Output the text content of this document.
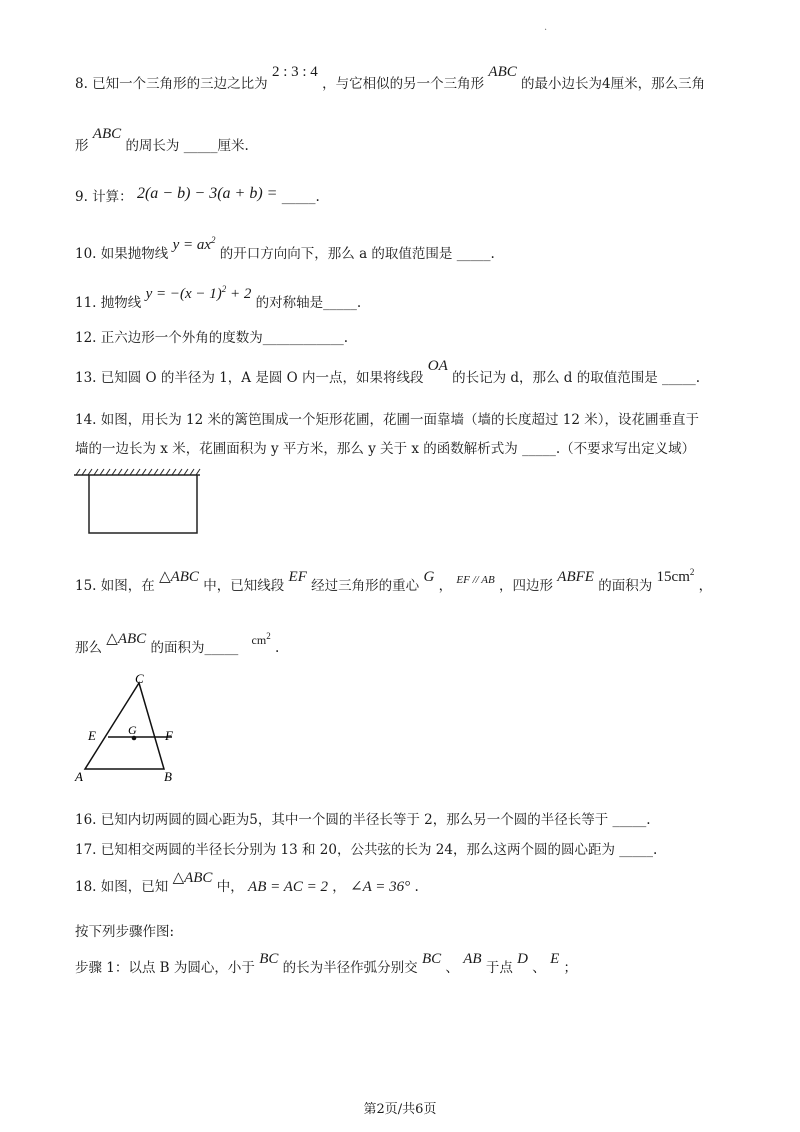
.
8. 已知一个三角形的三边之比为 2 : 3 : 4 ，与它相似的另一个三角形 ABC 的最小边长为4厘米，那么三角
形 ABC 的周长为 _____厘米.
9. 计算： 2(a − b) − 3(a + b) = _____.
10. 如果抛物线 $y = ax^2$ 的开口方向向下，那么 a 的取值范围是 _____.
11. 抛物线 $y = -(x - 1)^2 + 2$ 的对称轴是_____.
12. 正六边形一个外角的度数为____________.
13. 已知圆 O 的半径为 1，A 是圆 O 内一点，如果将线段 OA 的长记为 d，那么 d 的取值范围是 _____.
14. 如图，用长为 12 米的篱笆围成一个矩形花圃，花圃一面靠墙（墙的长度超过 12 米），设花圃垂直于
墙的一边长为 x 米，花圃面积为 y 平方米，那么 y 关于 x 的函数解析式为 _____.（不要求写出定义域）
15. 如图，在 △ABC 中，已知线段 EF 经过三角形的重心 G ， $^{EF // AB}$ ，四边形 ABFE 的面积为 $15cm^2$ ，
那么 △ABC 的面积为_____ $cm^2$ .
C
E	G F
A	B
16. 已知内切两圆的圆心距为5，其中一个圆的半径长等于 2，那么另一个圆的半径长等于 _____.
17. 已知相交两圆的半径长分别为 13 和 20，公共弦的长为 24，那么这两个圆的圆心距为 _____.
18. 如图，已知 △ABC 中， AB = AC = 2 ， ∠A = 36° .
按下列步骤作图:
步骤 1：以点 B 为圆心，小于 BC 的长为半径作弧分别交 BC 、 AB 于点 D 、 E ；
第2页/共6页
